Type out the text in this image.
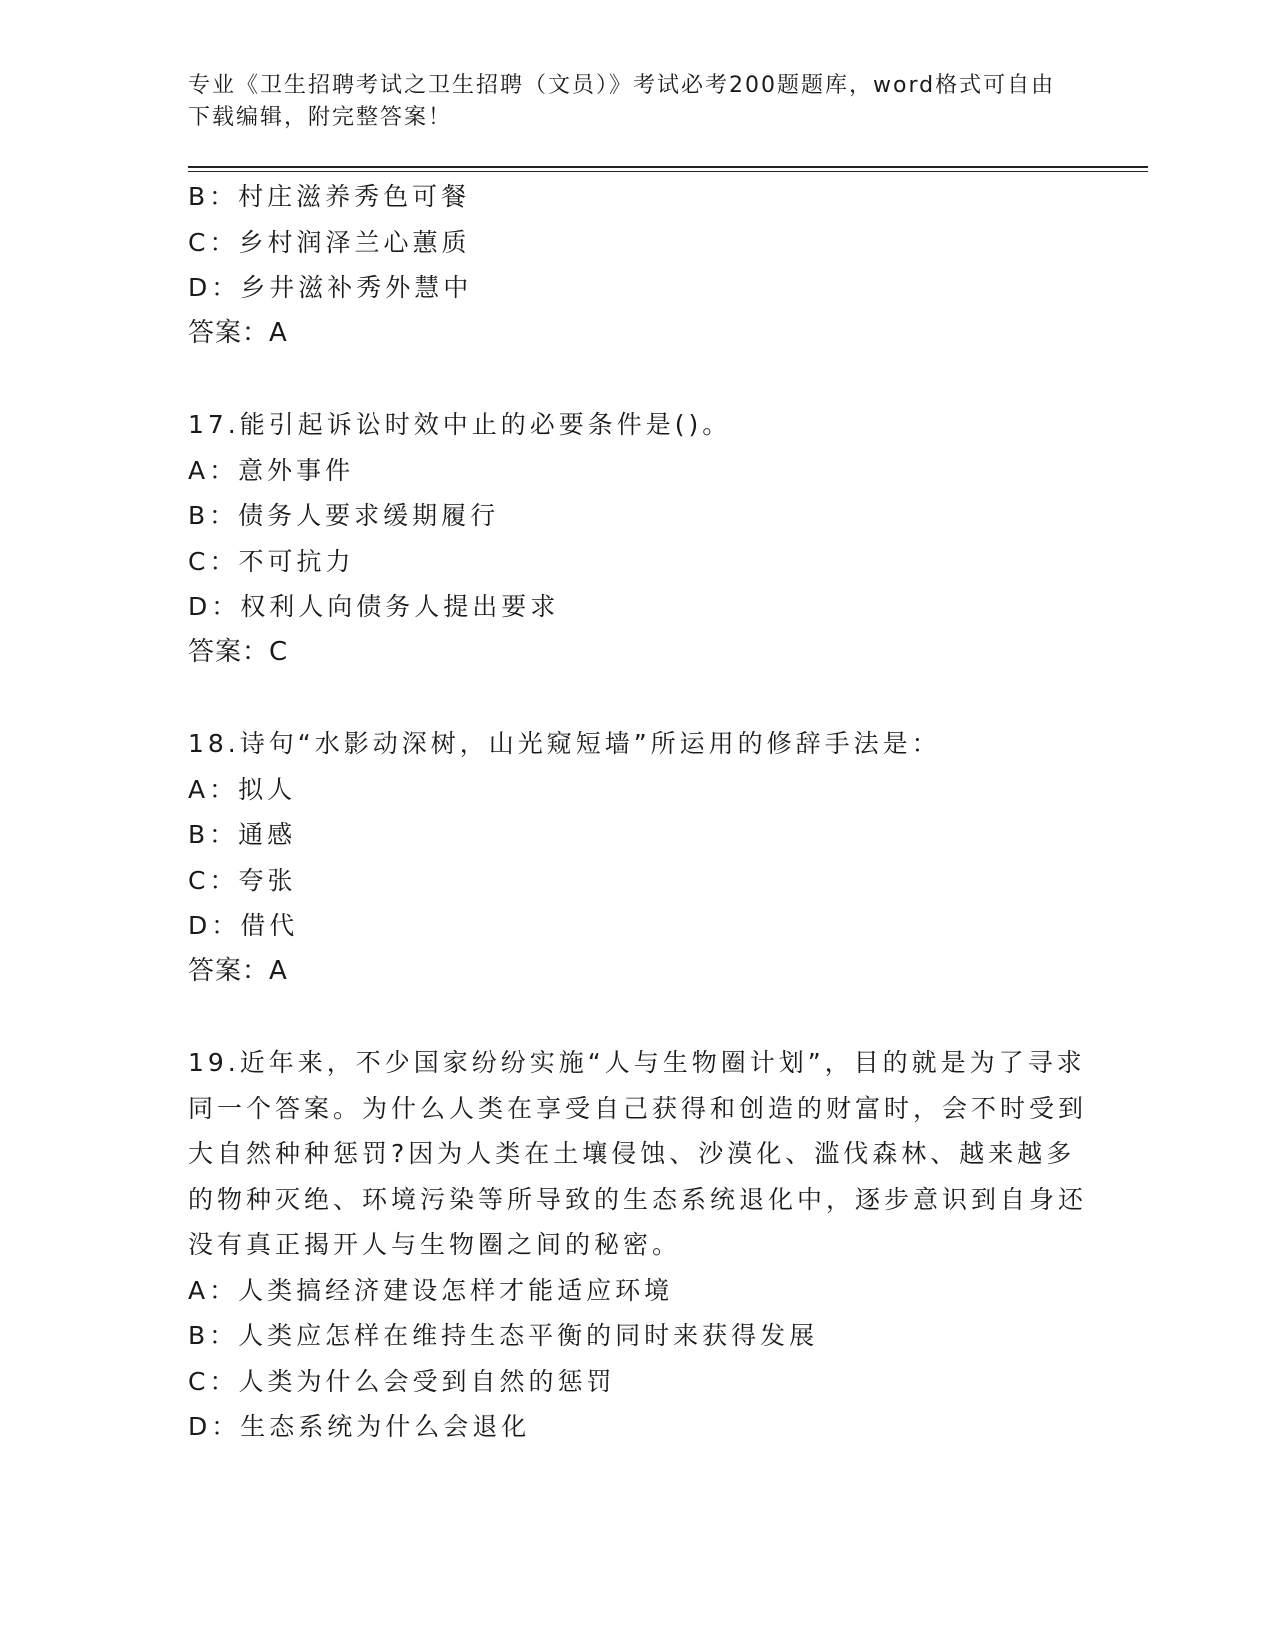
专业《卫生招聘考试之卫生招聘（文员）》考试必考200题题库，word格式可自由下载编辑，附完整答案！

B：村庄滋养秀色可餐

C：乡村润泽兰心蕙质

D：乡井滋补秀外慧中

答案：A

17.能引起诉讼时效中止的必要条件是()。

A：意外事件

B：债务人要求缓期履行

C：不可抗力

D：权利人向债务人提出要求

答案：C

18.诗句“水影动深树，山光窥短墙”所运用的修辞手法是：

A：拟人

B：通感

C：夸张

D：借代

答案：A

19.近年来，不少国家纷纷实施“人与生物圈计划”，目的就是为了寻求同一个答案。为什么人类在享受自己获得和创造的财富时，会不时受到大自然种种惩罚?因为人类在土壤侵蚀、沙漠化、滥伐森林、越来越多的物种灭绝、环境污染等所导致的生态系统退化中，逐步意识到自身还没有真正揭开人与生物圈之间的秘密。

A：人类搞经济建设怎样才能适应环境

B：人类应怎样在维持生态平衡的同时来获得发展

C：人类为什么会受到自然的惩罚

D：生态系统为什么会退化
